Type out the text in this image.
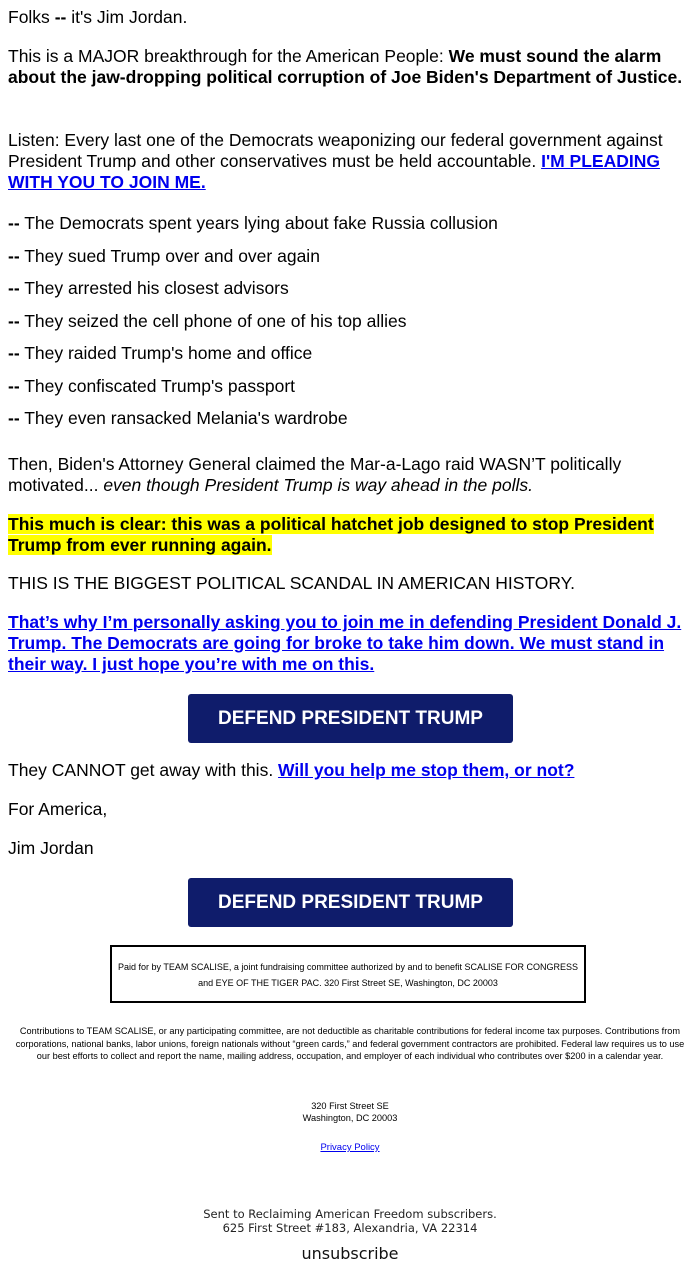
Folks -- it's Jim Jordan.

This is a MAJOR breakthrough for the American People: We must sound the alarm about the jaw-dropping political corruption of Joe Biden's Department of Justice.

Listen: Every last one of the Democrats weaponizing our federal government against President Trump and other conservatives must be held accountable. I'M PLEADING WITH YOU TO JOIN ME.

-- The Democrats spent years lying about fake Russia collusion
-- They sued Trump over and over again
-- They arrested his closest advisors
-- They seized the cell phone of one of his top allies
-- They raided Trump's home and office
-- They confiscated Trump's passport
-- They even ransacked Melania's wardrobe

Then, Biden's Attorney General claimed the Mar-a-Lago raid WASN’T politically motivated... even though President Trump is way ahead in the polls.

This much is clear: this was a political hatchet job designed to stop President Trump from ever running again.

THIS IS THE BIGGEST POLITICAL SCANDAL IN AMERICAN HISTORY.

That’s why I’m personally asking you to join me in defending President Donald J. Trump. The Democrats are going for broke to take him down. We must stand in their way. I just hope you’re with me on this.

They CANNOT get away with this. Will you help me stop them, or not?

For America,

Jim Jordan

DEFEND PRESIDENT TRUMP
DEFEND PRESIDENT TRUMP
Paid for by TEAM SCALISE, a joint fundraising committee authorized by and to benefit SCALISE FOR CONGRESS and EYE OF THE TIGER PAC. 320 First Street SE, Washington, DC 20003
Contributions to TEAM SCALISE, or any participating committee, are not deductible as charitable contributions for federal income tax purposes. Contributions from corporations, national banks, labor unions, foreign nationals without “green cards,” and federal government contractors are prohibited. Federal law requires us to use our best efforts to collect and report the name, mailing address, occupation, and employer of each individual who contributes over $200 in a calendar year.
320 First Street SE
Washington, DC 20003
Privacy Policy
Sent to Reclaiming American Freedom subscribers.
625 First Street #183, Alexandria, VA 22314
unsubscribe
